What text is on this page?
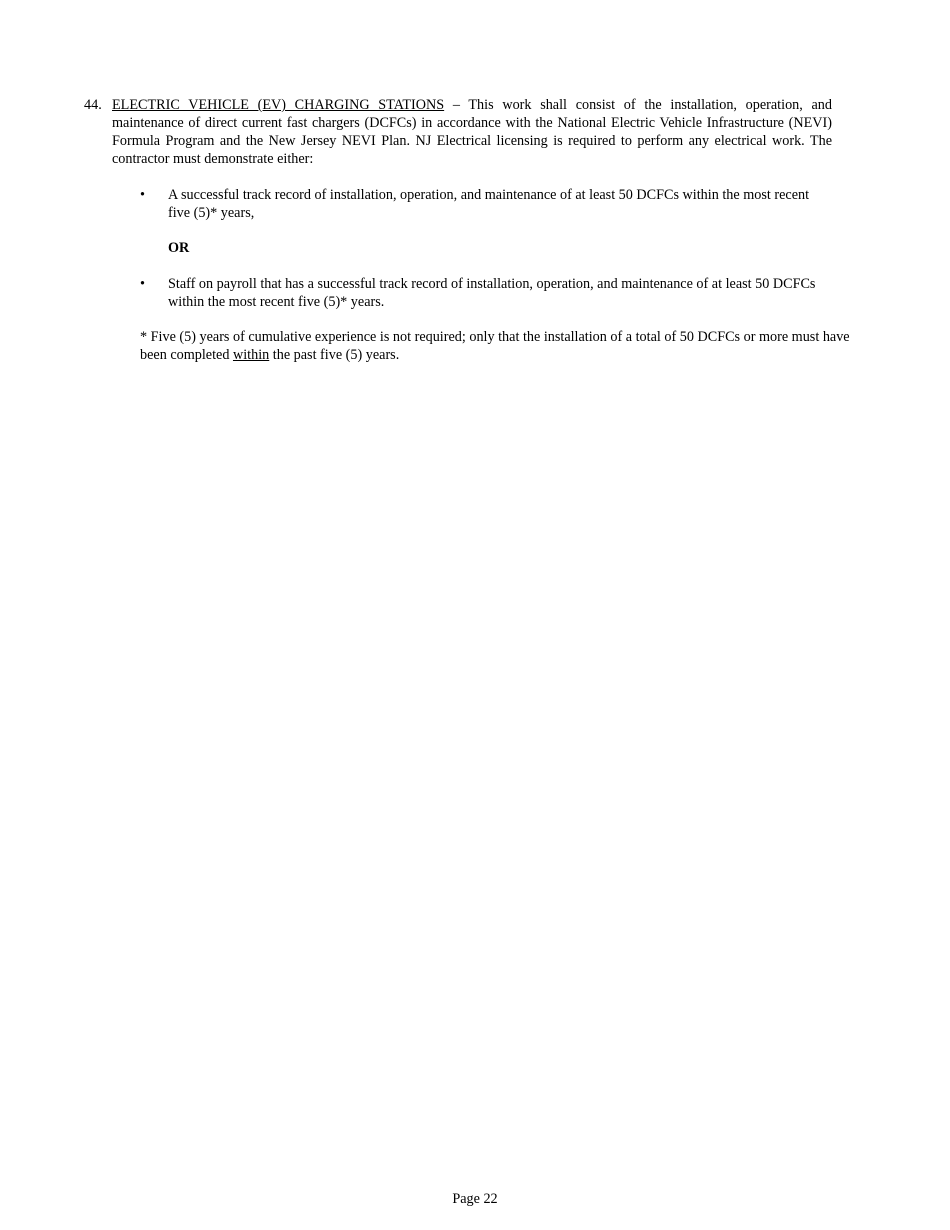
44. ELECTRIC VEHICLE (EV) CHARGING STATIONS – This work shall consist of the installation, operation, and maintenance of direct current fast chargers (DCFCs) in accordance with the National Electric Vehicle Infrastructure (NEVI) Formula Program and the New Jersey NEVI Plan. NJ Electrical licensing is required to perform any electrical work. The contractor must demonstrate either:

• A successful track record of installation, operation, and maintenance of at least 50 DCFCs within the most recent five (5)* years,
OR
• Staff on payroll that has a successful track record of installation, operation, and maintenance of at least 50 DCFCs within the most recent five (5)* years.

* Five (5) years of cumulative experience is not required; only that the installation of a total of 50 DCFCs or more must have been completed within the past five (5) years.

Page 22
